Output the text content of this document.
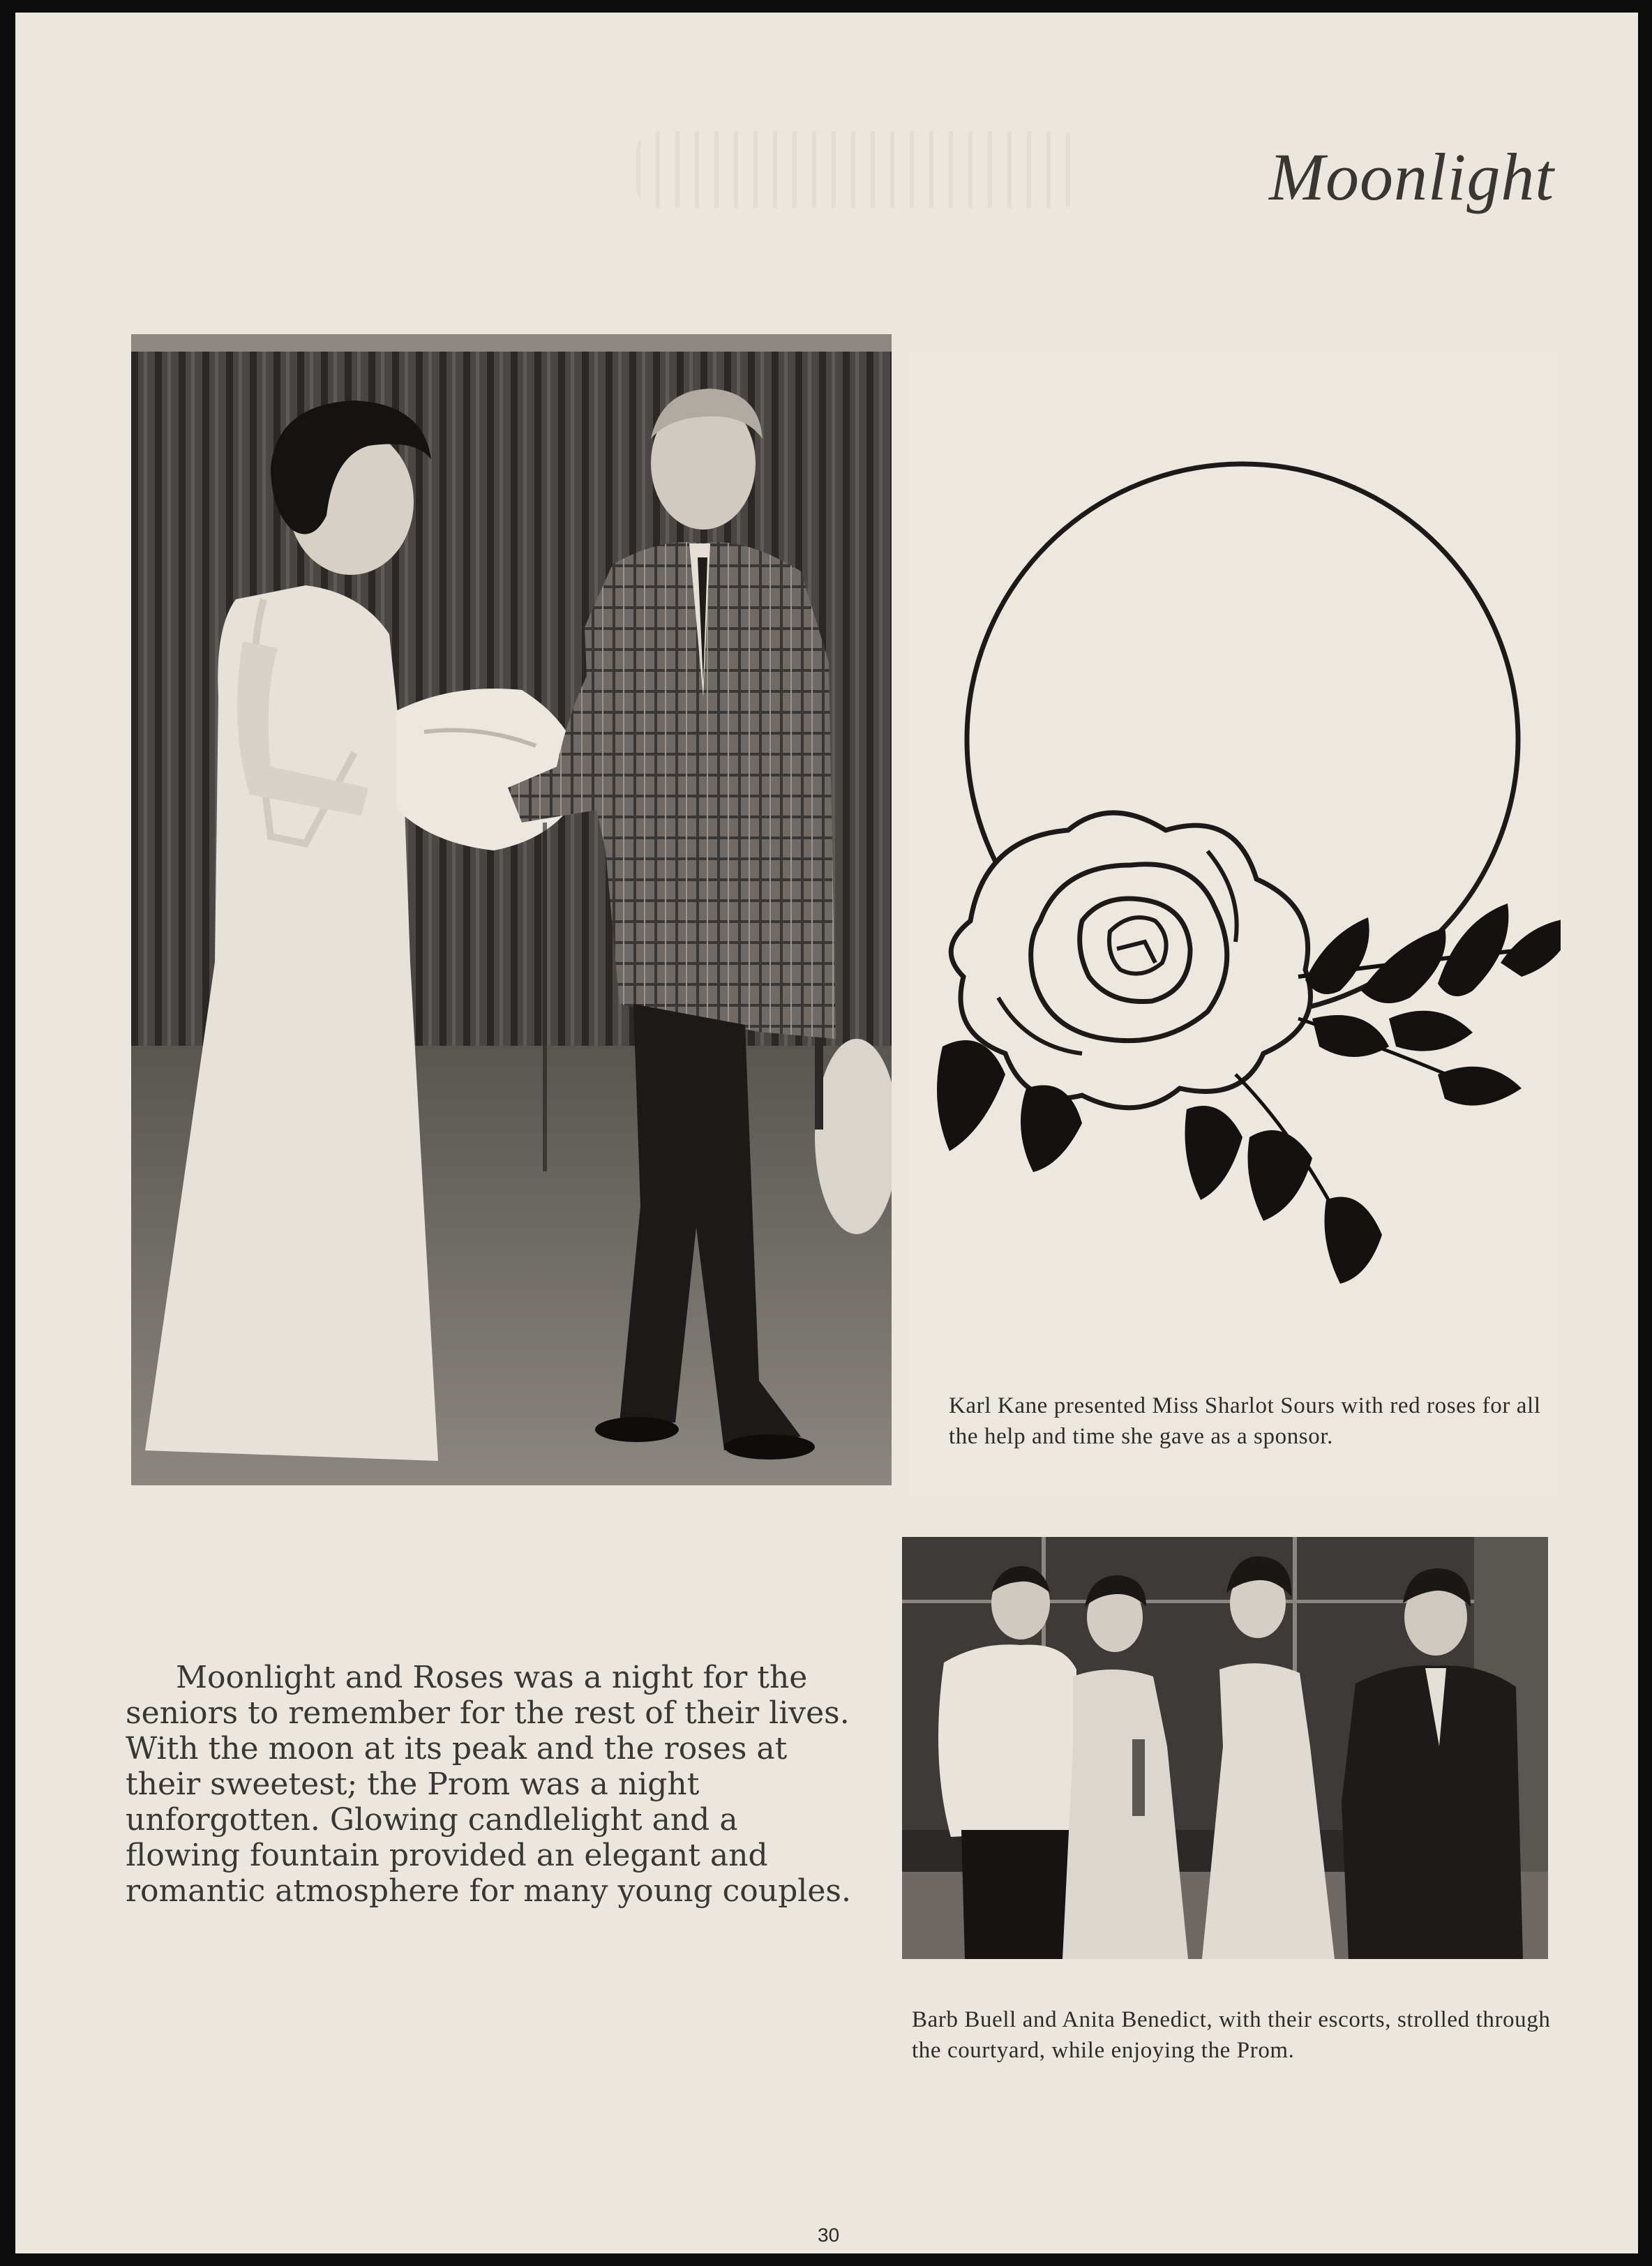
Moonlight

Karl Kane presented Miss Sharlot Sours with red roses for all the help and time she gave as a sponsor.

Barb Buell and Anita Benedict, with their escorts, strolled through the courtyard, while enjoying the Prom.

Moonlight and Roses was a night for the seniors to remember for the rest of their lives. With the moon at its peak and the roses at their sweetest; the Prom was a night unforgotten. Glowing candlelight and a flowing fountain provided an elegant and romantic atmosphere for many young couples.

30
